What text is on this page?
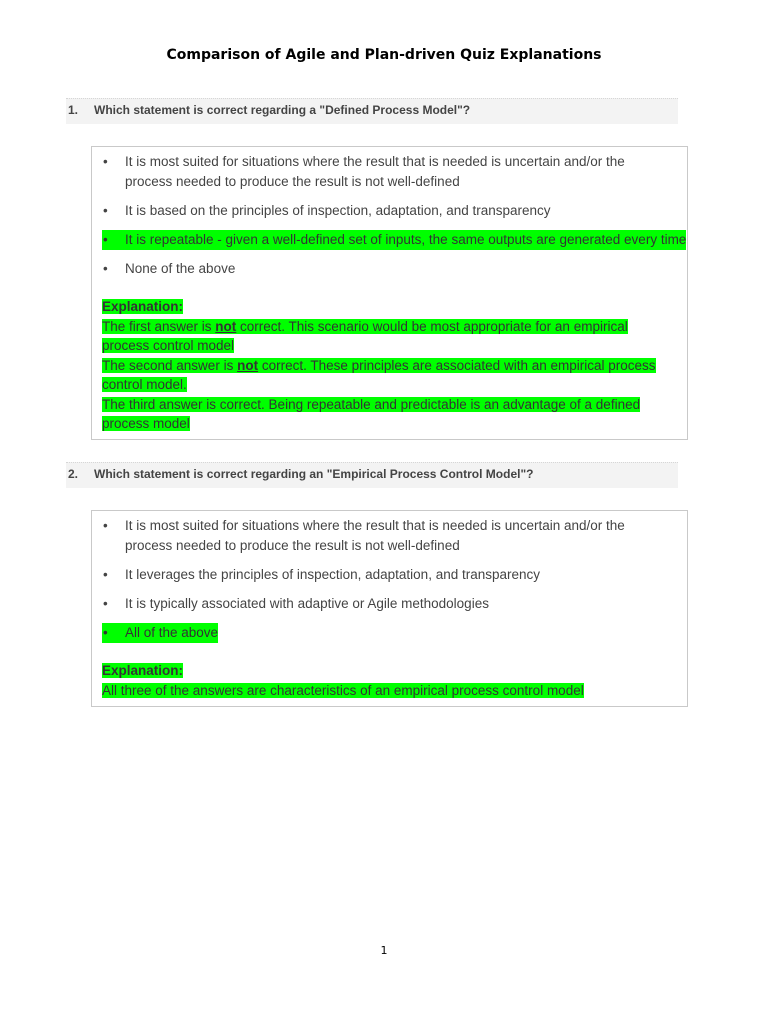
Comparison of Agile and Plan-driven Quiz Explanations
1. Which statement is correct regarding a "Defined Process Model"?
• It is most suited for situations where the result that is needed is uncertain and/or the process needed to produce the result is not well-defined
• It is based on the principles of inspection, adaptation, and transparency
• It is repeatable - given a well-defined set of inputs, the same outputs are generated every time
• None of the above
Explanation:
The first answer is not correct. This scenario would be most appropriate for an empirical process control model
The second answer is not correct. These principles are associated with an empirical process control model.
The third answer is correct. Being repeatable and predictable is an advantage of a defined process model
2. Which statement is correct regarding an "Empirical Process Control Model"?
• It is most suited for situations where the result that is needed is uncertain and/or the process needed to produce the result is not well-defined
• It leverages the principles of inspection, adaptation, and transparency
• It is typically associated with adaptive or Agile methodologies
• All of the above
Explanation:
All three of the answers are characteristics of an empirical process control model
1
